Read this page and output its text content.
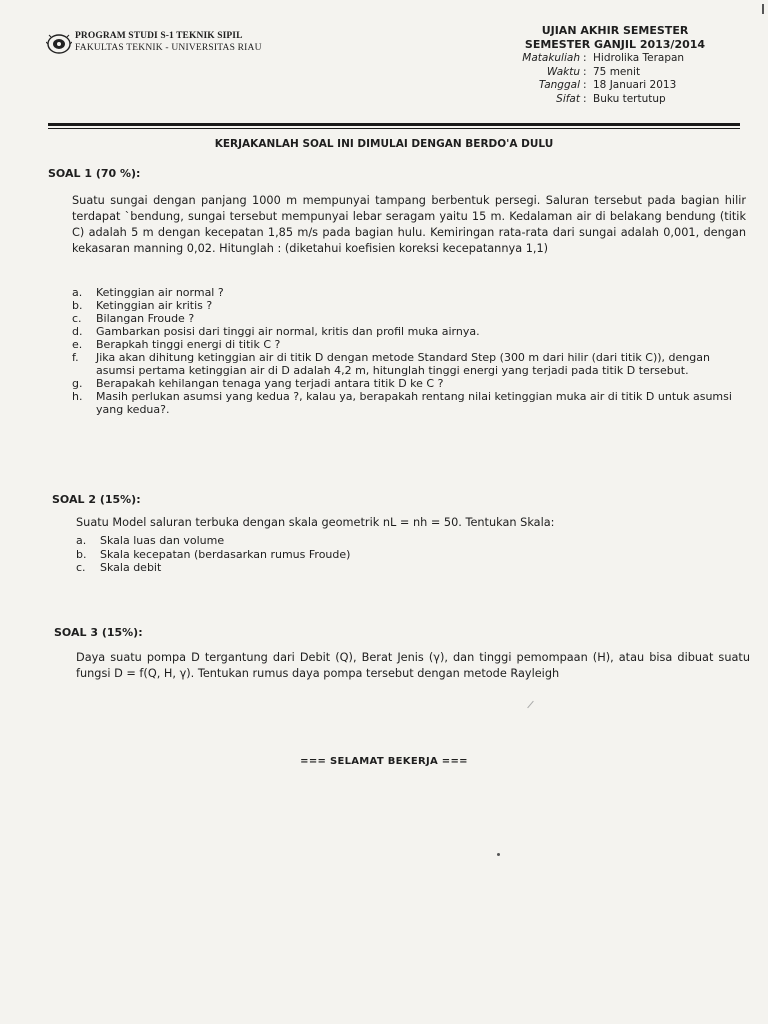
PROGRAM STUDI S-1 TEKNIK SIPIL
FAKULTAS TEKNIK - UNIVERSITAS RIAU
UJIAN AKHIR SEMESTER
SEMESTER GANJIL 2013/2014
Matakuliah : Hidrolika Terapan
Waktu : 75 menit
Tanggal : 18 Januari 2013
Sifat : Buku tertutup
KERJAKANLAH SOAL INI DIMULAI DENGAN BERDO'A DULU
SOAL 1 (70 %):
Suatu sungai dengan panjang 1000 m mempunyai tampang berbentuk persegi. Saluran tersebut pada bagian hilir terdapat `bendung, sungai tersebut mempunyai lebar seragam yaitu 15 m. Kedalaman air di belakang bendung (titik C) adalah 5 m dengan kecepatan 1,85 m/s pada bagian hulu. Kemiringan rata-rata dari sungai adalah 0,001, dengan kekasaran manning 0,02. Hitunglah : (diketahui koefisien koreksi kecepatannya 1,1)
a.	Ketinggian air normal ?
b.	Ketinggian air kritis ?
c.	Bilangan Froude ?
d.	Gambarkan posisi dari tinggi air normal, kritis dan profil muka airnya.
e.	Berapkah tinggi energi di titik C ?
f.	Jika akan dihitung ketinggian air di titik D dengan metode Standard Step (300 m dari hilir (dari titik C)), dengan asumsi pertama ketinggian air di D adalah 4,2 m, hitunglah tinggi energi yang terjadi pada titik D tersebut.
g.	Berapakah kehilangan tenaga yang terjadi antara titik D ke C ?
h.	Masih perlukan asumsi yang kedua ?, kalau ya, berapakah rentang nilai ketinggian muka air di titik D untuk asumsi yang kedua?.
SOAL 2 (15%):
Suatu Model saluran terbuka dengan skala geometrik nL = nh = 50. Tentukan Skala:
a.	Skala luas dan volume
b.	Skala kecepatan (berdasarkan rumus Froude)
c.	Skala debit
SOAL 3 (15%):
Daya suatu pompa D tergantung dari Debit (Q), Berat Jenis (γ), dan tinggi pemompaan (H), atau bisa dibuat suatu fungsi D = f(Q, H, γ). Tentukan rumus daya pompa tersebut dengan metode Rayleigh
=== SELAMAT BEKERJA ===
